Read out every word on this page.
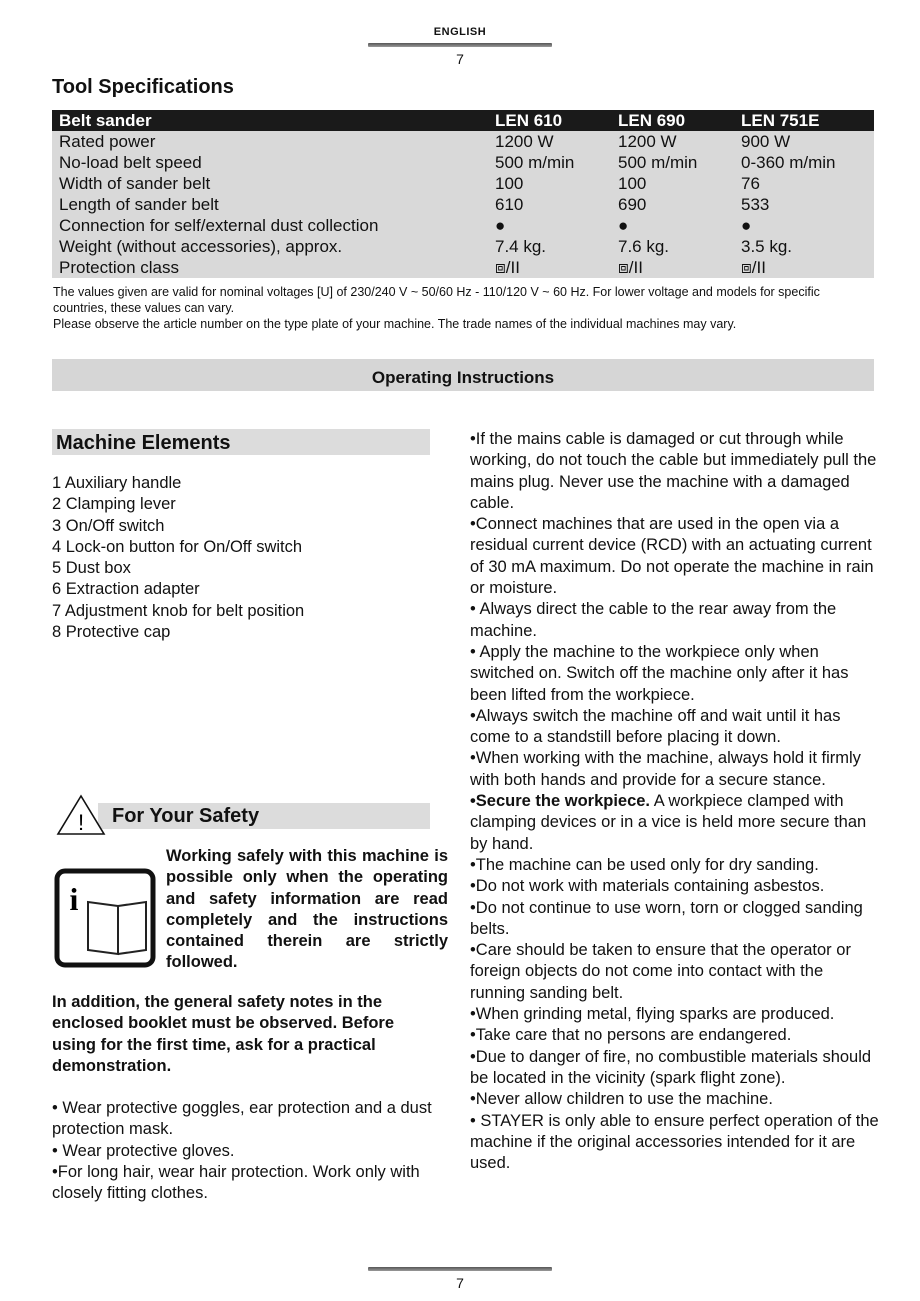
ENGLISH
7
Tool Specifications
Belt sander	LEN 610	LEN 690	LEN 751E
Rated power	1200 W	1200 W	900 W
No-load belt speed	500 m/min	500 m/min	0-360 m/min
Width of sander belt	100	100	76
Length of sander belt	610	690	533
Connection for self/external dust collection	●	●	●
Weight (without accessories), approx.	7.4 kg.	7.6 kg.	3.5 kg.
Protection class	⧈/II	⧈/II	⧈/II
The values given are valid for nominal voltages [U] of 230/240 V ~ 50/60 Hz - 110/120 V ~ 60 Hz. For lower voltage and models for specific countries, these values can vary.
Please observe the article number on the type plate of your machine. The trade names of the individual machines may vary.
Operating Instructions
Machine Elements

1 Auxiliary handle

2 Clamping lever

3 On/Off switch

4 Lock-on button for On/Off switch

5 Dust box

6 Extraction adapter

7 Adjustment knob for belt position

8 Protective cap

! For Your Safety
i
Working safely with this machine is possible only when the operating and safety information are read completely and the instructions contained therein are strictly followed.
In addition, the general safety notes in the enclosed booklet must be observed. Before using for the first time, ask for a practical demonstration.

• Wear protective goggles, ear protection and a dust protection mask.

• Wear protective gloves.

•For long hair, wear hair protection. Work only with closely fitting clothes.

•If the mains cable is damaged or cut through while working, do not touch the cable but immediately pull the mains plug. Never use the machine with a damaged cable.

•Connect machines that are used in the open via a residual current device (RCD) with an actuating current of 30 mA maximum. Do not operate the machine in rain or moisture.

• Always direct the cable to the rear away from the machine.

• Apply the machine to the workpiece only when switched on. Switch off the machine only after it has been lifted from the workpiece.

•Always switch the machine off and wait until it has come to a standstill before placing it down.

•When working with the machine, always hold it firmly with both hands and provide for a secure stance.

•Secure the workpiece. A workpiece clamped with clamping devices or in a vice is held more secure than by hand.

•The machine can be used only for dry sanding.

•Do not work with materials containing asbestos.

•Do not continue to use worn, torn or clogged sanding belts.

•Care should be taken to ensure that the operator or foreign objects do not come into contact with the running sanding belt.

•When grinding metal, flying sparks are produced.

•Take care that no persons are endangered.

•Due to danger of fire, no combustible materials should be located in the vicinity (spark flight zone).

•Never allow children to use the machine.

• STAYER is only able to ensure perfect operation of the machine if the original accessories intended for it are used.

7
